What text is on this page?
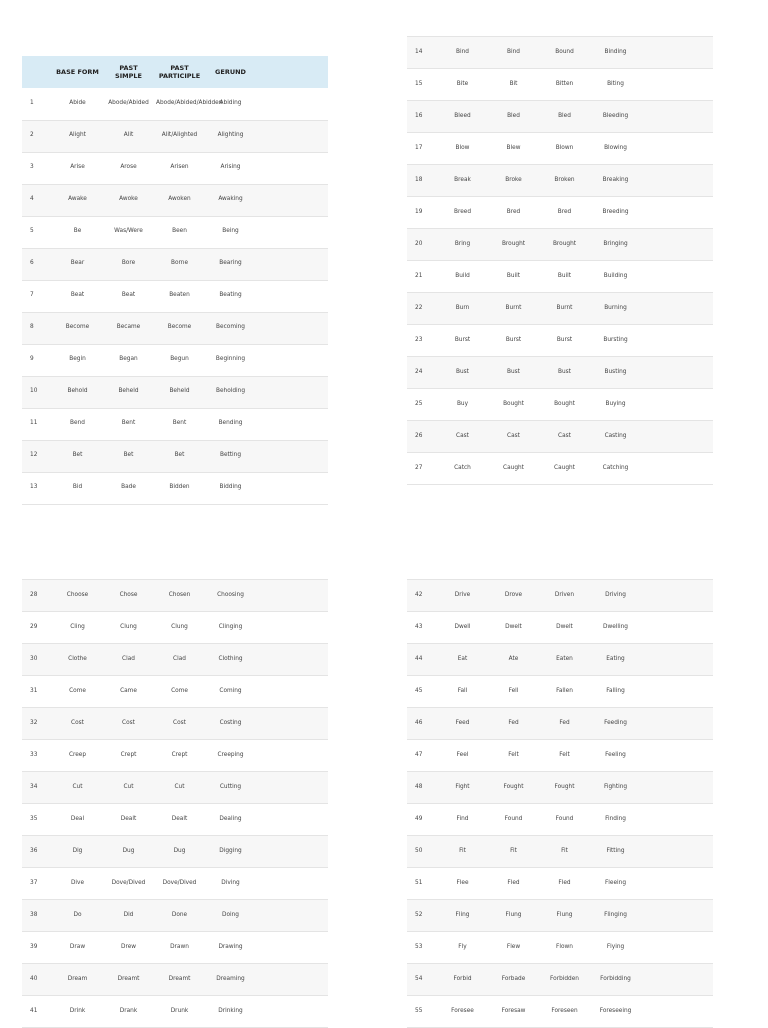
	BASE FORM	PAST SIMPLE	PAST PARTICIPLE	GERUND	
1	Abide	Abode/Abided	Abode/Abided/Abidden	Abiding	
2	Alight	Alit	Alit/Alighted	Alighting	
3	Arise	Arose	Arisen	Arising	
4	Awake	Awoke	Awoken	Awaking	
5	Be	Was/Were	Been	Being	
6	Bear	Bore	Borne	Bearing	
7	Beat	Beat	Beaten	Beating	
8	Become	Became	Become	Becoming	
9	Begin	Began	Begun	Beginning	
10	Behold	Beheld	Beheld	Beholding	
11	Bend	Bent	Bent	Bending	
12	Bet	Bet	Bet	Betting	
13	Bid	Bade	Bidden	Bidding	
14	Bind	Bind	Bound	Binding	
15	Bite	Bit	Bitten	Biting	
16	Bleed	Bled	Bled	Bleeding	
17	Blow	Blew	Blown	Blowing	
18	Break	Broke	Broken	Breaking	
19	Breed	Bred	Bred	Breeding	
20	Bring	Brought	Brought	Bringing	
21	Build	Built	Built	Building	
22	Burn	Burnt	Burnt	Burning	
23	Burst	Burst	Burst	Bursting	
24	Bust	Bust	Bust	Busting	
25	Buy	Bought	Bought	Buying	
26	Cast	Cast	Cast	Casting	
27	Catch	Caught	Caught	Catching	
28	Choose	Chose	Chosen	Choosing	
29	Cling	Clung	Clung	Clinging	
30	Clothe	Clad	Clad	Clothing	
31	Come	Came	Come	Coming	
32	Cost	Cost	Cost	Costing	
33	Creep	Crept	Crept	Creeping	
34	Cut	Cut	Cut	Cutting	
35	Deal	Dealt	Dealt	Dealing	
36	Dig	Dug	Dug	Digging	
37	Dive	Dove/Dived	Dove/Dived	Diving	
38	Do	Did	Done	Doing	
39	Draw	Drew	Drawn	Drawing	
40	Dream	Dreamt	Dreamt	Dreaming	
41	Drink	Drank	Drunk	Drinking	
42	Drive	Drove	Driven	Driving	
43	Dwell	Dwelt	Dwelt	Dwelling	
44	Eat	Ate	Eaten	Eating	
45	Fall	Fell	Fallen	Falling	
46	Feed	Fed	Fed	Feeding	
47	Feel	Felt	Felt	Feeling	
48	Fight	Fought	Fought	Fighting	
49	Find	Found	Found	Finding	
50	Fit	Fit	Fit	Fitting	
51	Flee	Fled	Fled	Fleeing	
52	Fling	Flung	Flung	Flinging	
53	Fly	Flew	Flown	Flying	
54	Forbid	Forbade	Forbidden	Forbidding	
55	Foresee	Foresaw	Foreseen	Foreseeing	
